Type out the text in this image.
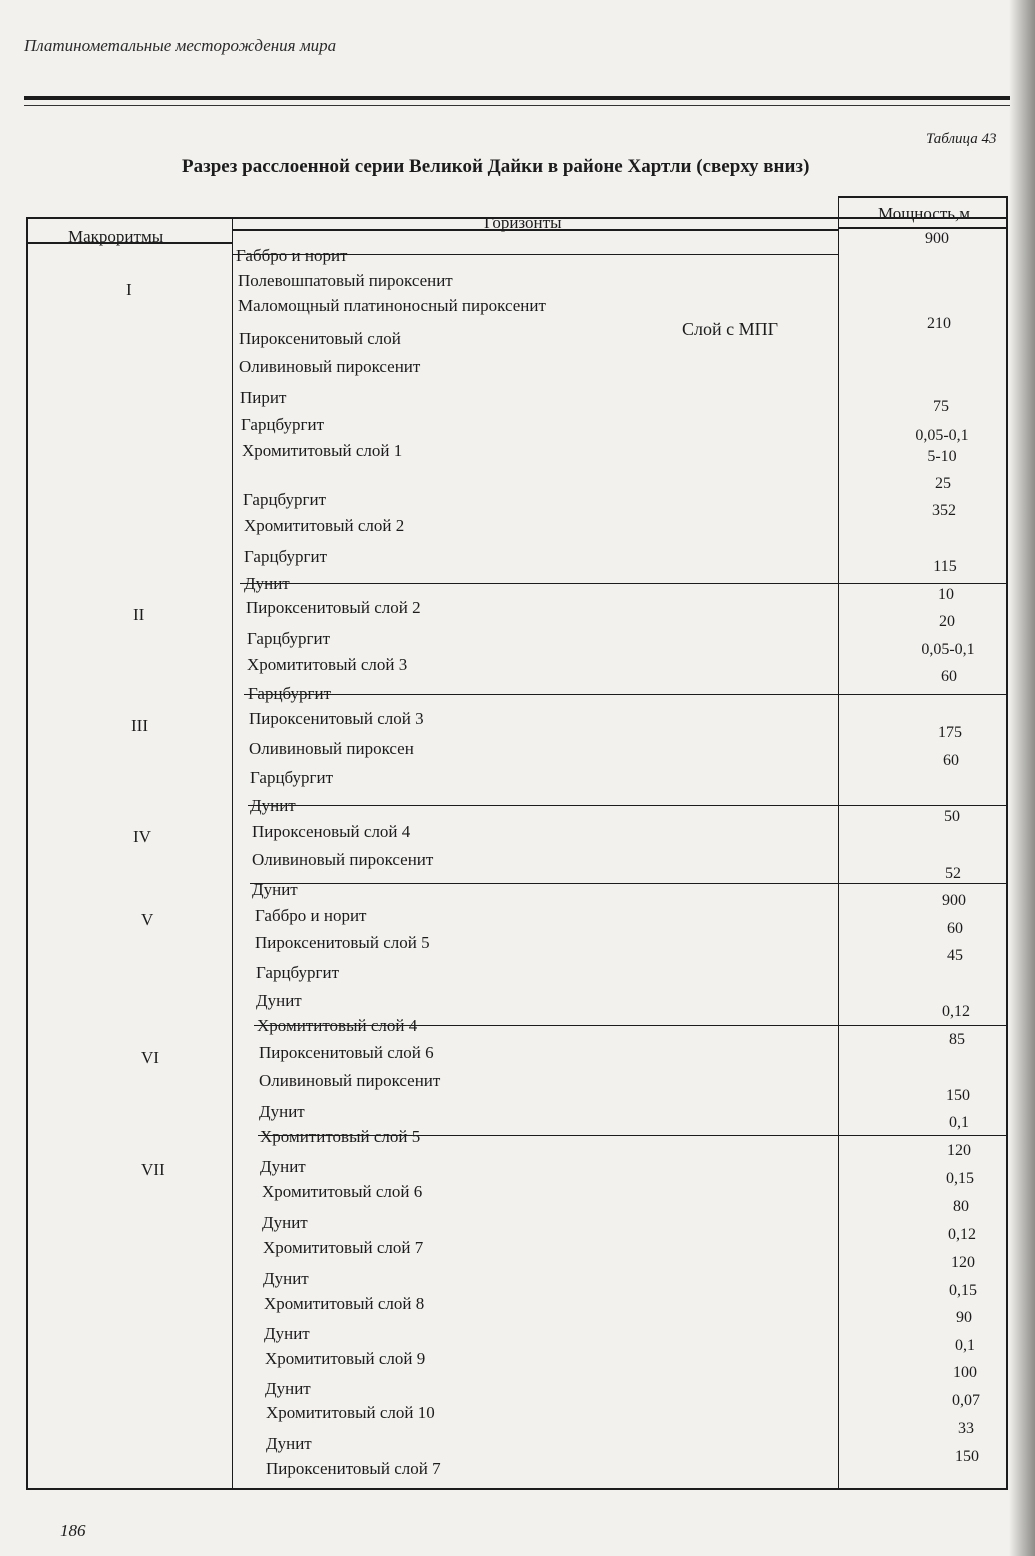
Платинометальные месторождения мира
Таблица 43
Разрез расслоенной серии Великой Дайки в районе Хартли (сверху вниз)
Макроритмы
Горизонты	Мощность,м
I
II
III
IV
V
VI
VII
Слой с МПГ
Габбро и норит
Полевошпатовый пироксенит
Маломощный платиноносный пироксенит
Пироксенитовый слой
Оливиновый пироксенит
Пирит
Гарцбургит
Хромититовый слой 1
Гарцбургит
Хромититовый слой 2
Гарцбургит
Дунит
Пироксенитовый слой 2
Гарцбургит
Хромититовый слой 3
Гарцбургит
Пироксенитовый слой 3
Оливиновый пироксен
Гарцбургит
Дунит
Пироксеновый слой 4
Оливиновый пироксенит
Дунит
Габбро и норит
Пироксенитовый слой 5
Гарцбургит
Дунит
Хромититовый слой 4
Пироксенитовый слой 6
Оливиновый пироксенит
Дунит
Хромититовый слой 5
Дунит
Хромититовый слой 6
Дунит
Хромититовый слой 7
Дунит
Хромититовый слой 8
Дунит
Хромититовый слой 9
Дунит
Хромититовый слой 10
Дунит
Пироксенитовый слой 7
900
210
75
0,05-0,1
5-10
25
352
115
10
20
0,05-0,1
60
175
60
50
52
900
60
45
0,12
85
150
0,1
120
0,15
80
0,12
120
0,15
90
0,1
100
0,07
33
150
186
